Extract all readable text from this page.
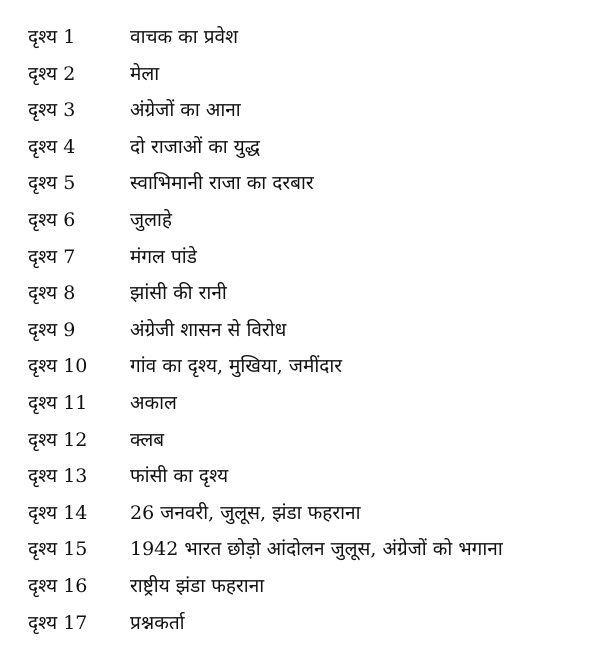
दृश्य 1	वाचक का प्रवेश
दृश्य 2	मेला
दृश्य 3	अंग्रेजों का आना
दृश्य 4	दो राजाओं का युद्ध
दृश्य 5	स्वाभिमानी राजा का दरबार
दृश्य 6	जुलाहे
दृश्य 7	मंगल पांडे
दृश्य 8	झांसी की रानी
दृश्य 9	अंग्रेजी शासन से विरोध
दृश्य 10	गांव का दृश्य, मुखिया, जमींदार
दृश्य 11	अकाल
दृश्य 12	क्लब
दृश्य 13	फांसी का दृश्य
दृश्य 14	26 जनवरी, जुलूस, झंडा फहराना
दृश्य 15	1942 भारत छोड़ो आंदोलन जुलूस, अंग्रेजों को भगाना
दृश्य 16	राष्ट्रीय झंडा फहराना
दृश्य 17	प्रश्नकर्ता
